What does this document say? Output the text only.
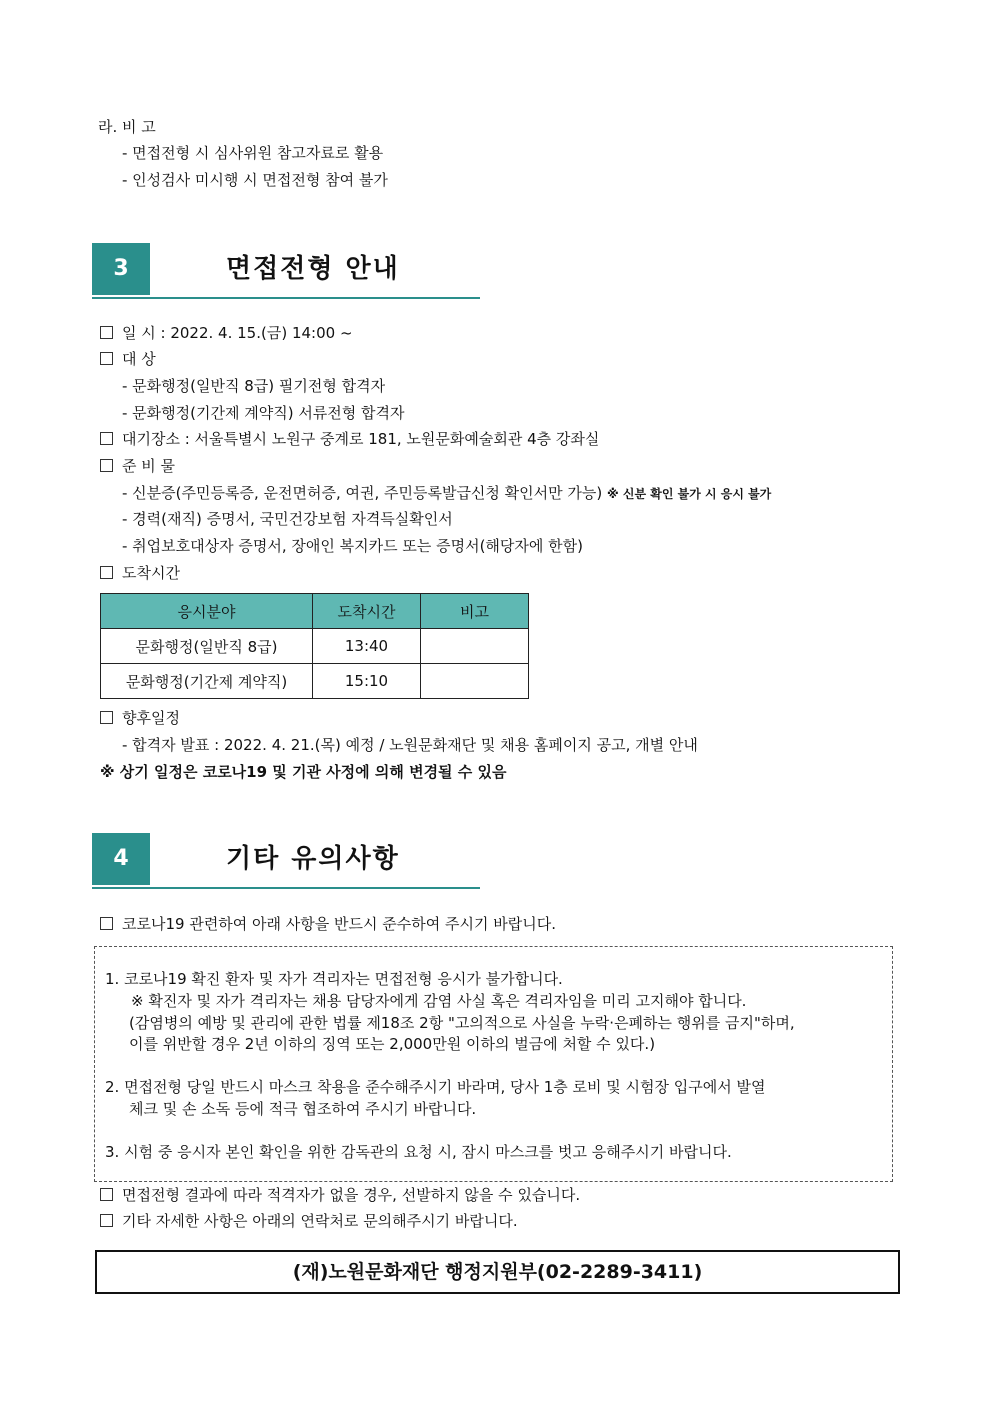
라. 비 고
- 면접전형 시 심사위원 참고자료로 활용
- 인성검사 미시행 시 면접전형 참여 불가
3	면접전형 안내
일 시 : 2022. 4. 15.(금) 14:00 ~
대 상
- 문화행정(일반직 8급) 필기전형 합격자
- 문화행정(기간제 계약직) 서류전형 합격자
대기장소 : 서울특별시 노원구 중계로 181, 노원문화예술회관 4층 강좌실
준 비 물
- 신분증(주민등록증, 운전면허증, 여권, 주민등록발급신청 확인서만 가능) ※ 신분 확인 불가 시 응시 불가
- 경력(재직) 증명서, 국민건강보험 자격득실확인서
- 취업보호대상자 증명서, 장애인 복지카드 또는 증명서(해당자에 한함)
도착시간
응시분야	도착시간	비고
문화행정(일반직 8급)	13:40	
문화행정(기간제 계약직)	15:10	
향후일정
- 합격자 발표 : 2022. 4. 21.(목) 예정 / 노원문화재단 및 채용 홈페이지 공고, 개별 안내
※ 상기 일정은 코로나19 및 기관 사정에 의해 변경될 수 있음
4	기타 유의사항
코로나19 관련하여 아래 사항을 반드시 준수하여 주시기 바랍니다.
1. 코로나19 확진 환자 및 자가 격리자는 면접전형 응시가 불가합니다.
※ 확진자 및 자가 격리자는 채용 담당자에게 감염 사실 혹은 격리자임을 미리 고지해야 합니다.
(감염병의 예방 및 관리에 관한 법률 제18조 2항 "고의적으로 사실을 누락·은폐하는 행위를 금지"하며,
이를 위반할 경우 2년 이하의 징역 또는 2,000만원 이하의 벌금에 처할 수 있다.)
2. 면접전형 당일 반드시 마스크 착용을 준수해주시기 바라며, 당사 1층 로비 및 시험장 입구에서 발열
체크 및 손 소독 등에 적극 협조하여 주시기 바랍니다.
3. 시험 중 응시자 본인 확인을 위한 감독관의 요청 시, 잠시 마스크를 벗고 응해주시기 바랍니다.
면접전형 결과에 따라 적격자가 없을 경우, 선발하지 않을 수 있습니다.
기타 자세한 사항은 아래의 연락처로 문의해주시기 바랍니다.
(재)노원문화재단 행정지원부(02-2289-3411)
